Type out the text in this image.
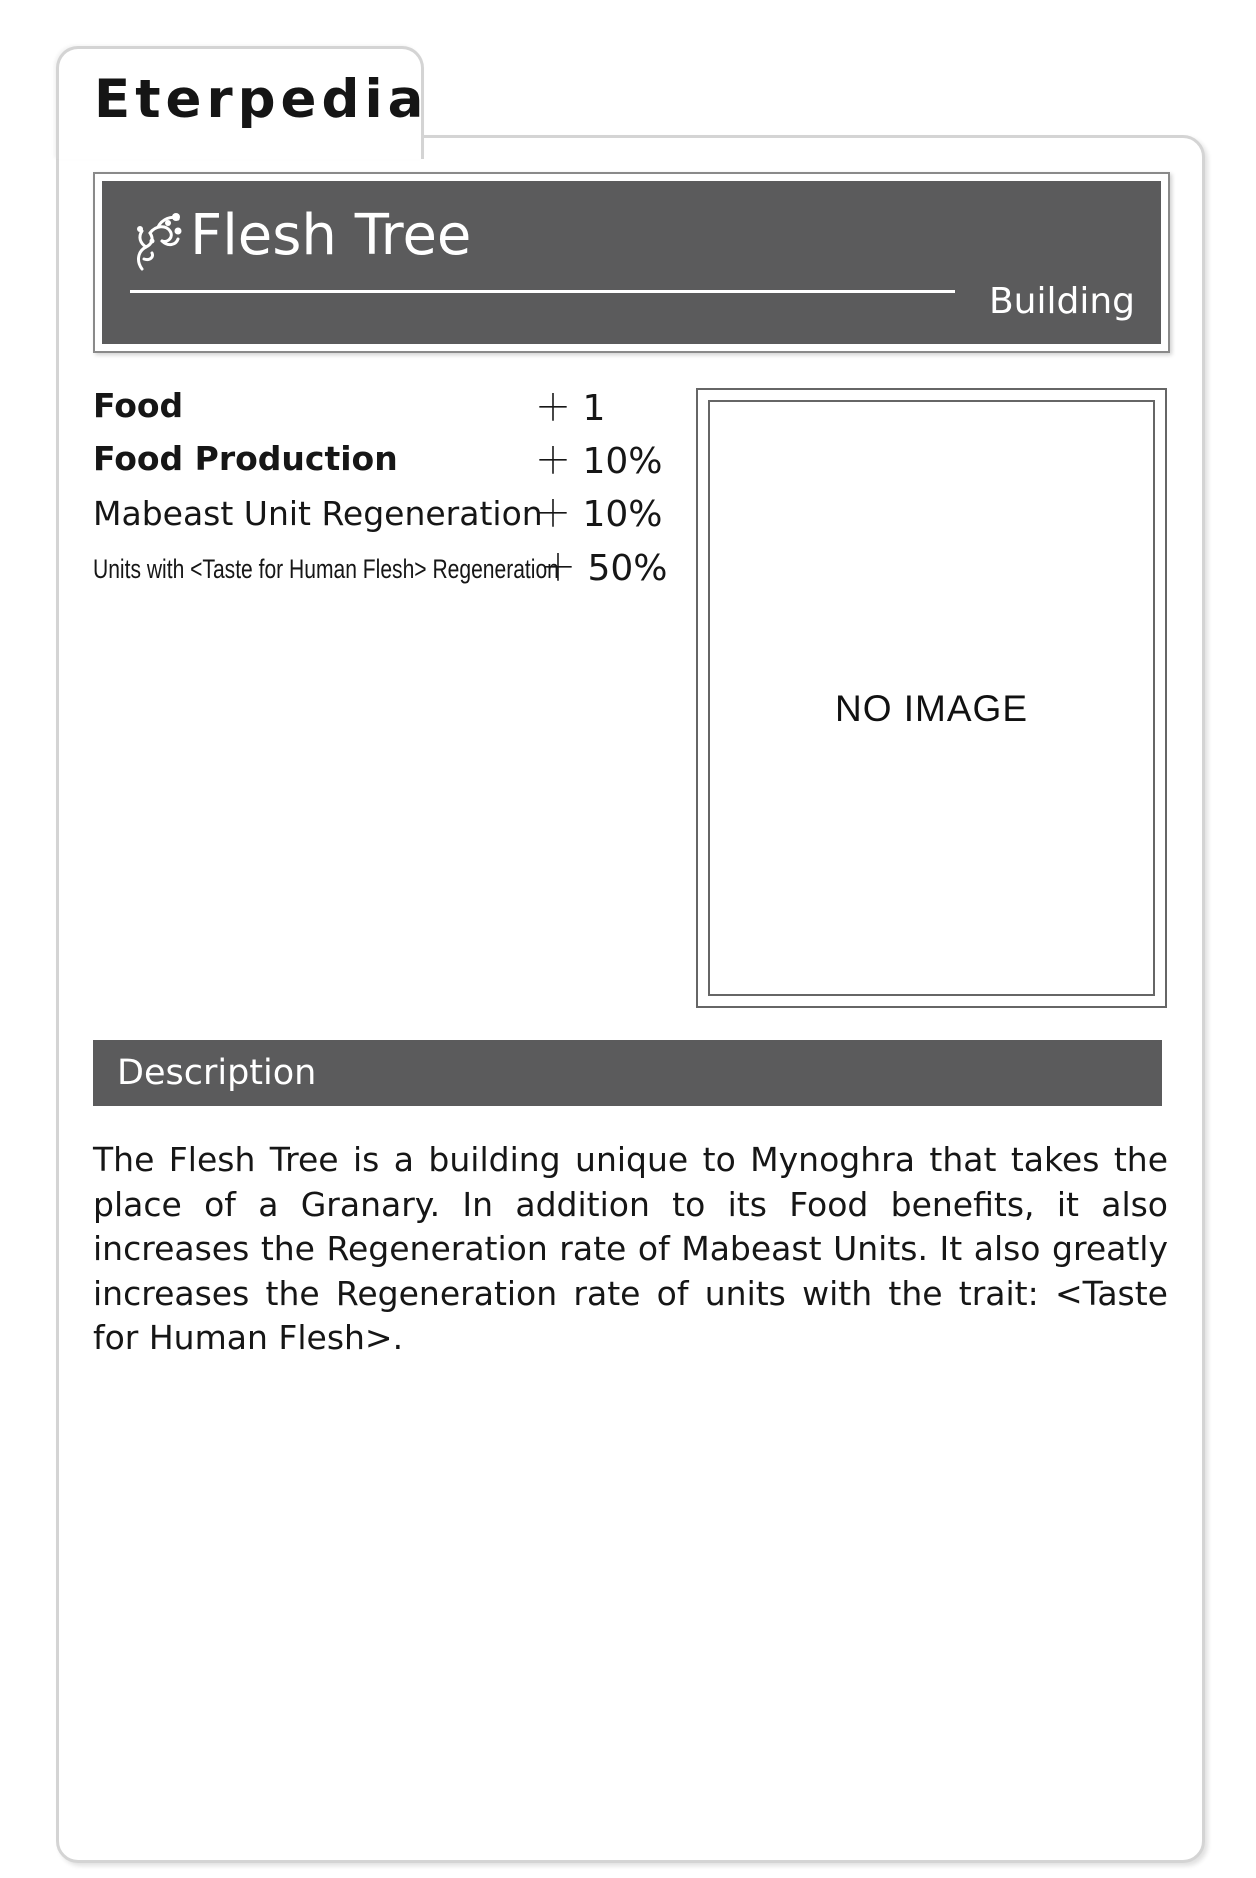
Eterpedia
Flesh Tree
Building
Food	＋ 1
Food Production	＋ 10%
Mabeast Unit Regeneration
＋ 10%
Units with <Taste for Human Flesh> Regeneration
＋ 50%
NO IMAGE
Description
The Flesh Tree is a building unique to Mynoghra that takes the place of a Granary. In addition to its Food benefits, it also increases the Regeneration rate of Mabeast Units. It also greatly increases the Regeneration rate of units with the trait: <Taste for Human Flesh>.
